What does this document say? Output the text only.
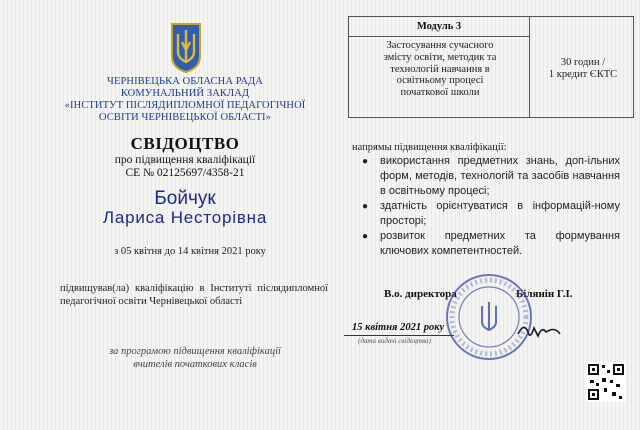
ЧЕРНІВЕЦЬКА ОБЛАСНА РАДА
КОМУНАЛЬНИЙ ЗАКЛАД
«ІНСТИТУТ ПІСЛЯДИПЛОМНОЇ ПЕДАГОГІЧНОЇ
ОСВІТИ ЧЕРНІВЕЦЬКОЇ ОБЛАСТІ»
СВІДОЦТВО
про підвищення кваліфікації
СЕ № 02125697/4358-21
Бойчук
Лариса Несторівна
з 05 квітня до 14 квітня 2021 року
підвищував(ла) кваліфікацію в Інституті післядипломної педагогічної освіти Чернівецької області
за програмою підвищення кваліфікації
вчителів початкових класів
Модуль 3
Застосування сучасного
змісту освіти, методик та
технологій навчання в
освітньому процесі
початкової школи
30 годин /
1 кредит ЄКТС
напрямы підвищення кваліфікації:
● використання предметних знань, доп-ільних форм, методів, технологій та засобів навчання в освітньому процесі;
● здатність орієнтуватися в інформацій-ному просторі;
● розвиток предметних та формування ключових компетентностей.
В.о. директора	Білянін Г.І.
15 квітня 2021 року
(дата видачі свідоцтва)
